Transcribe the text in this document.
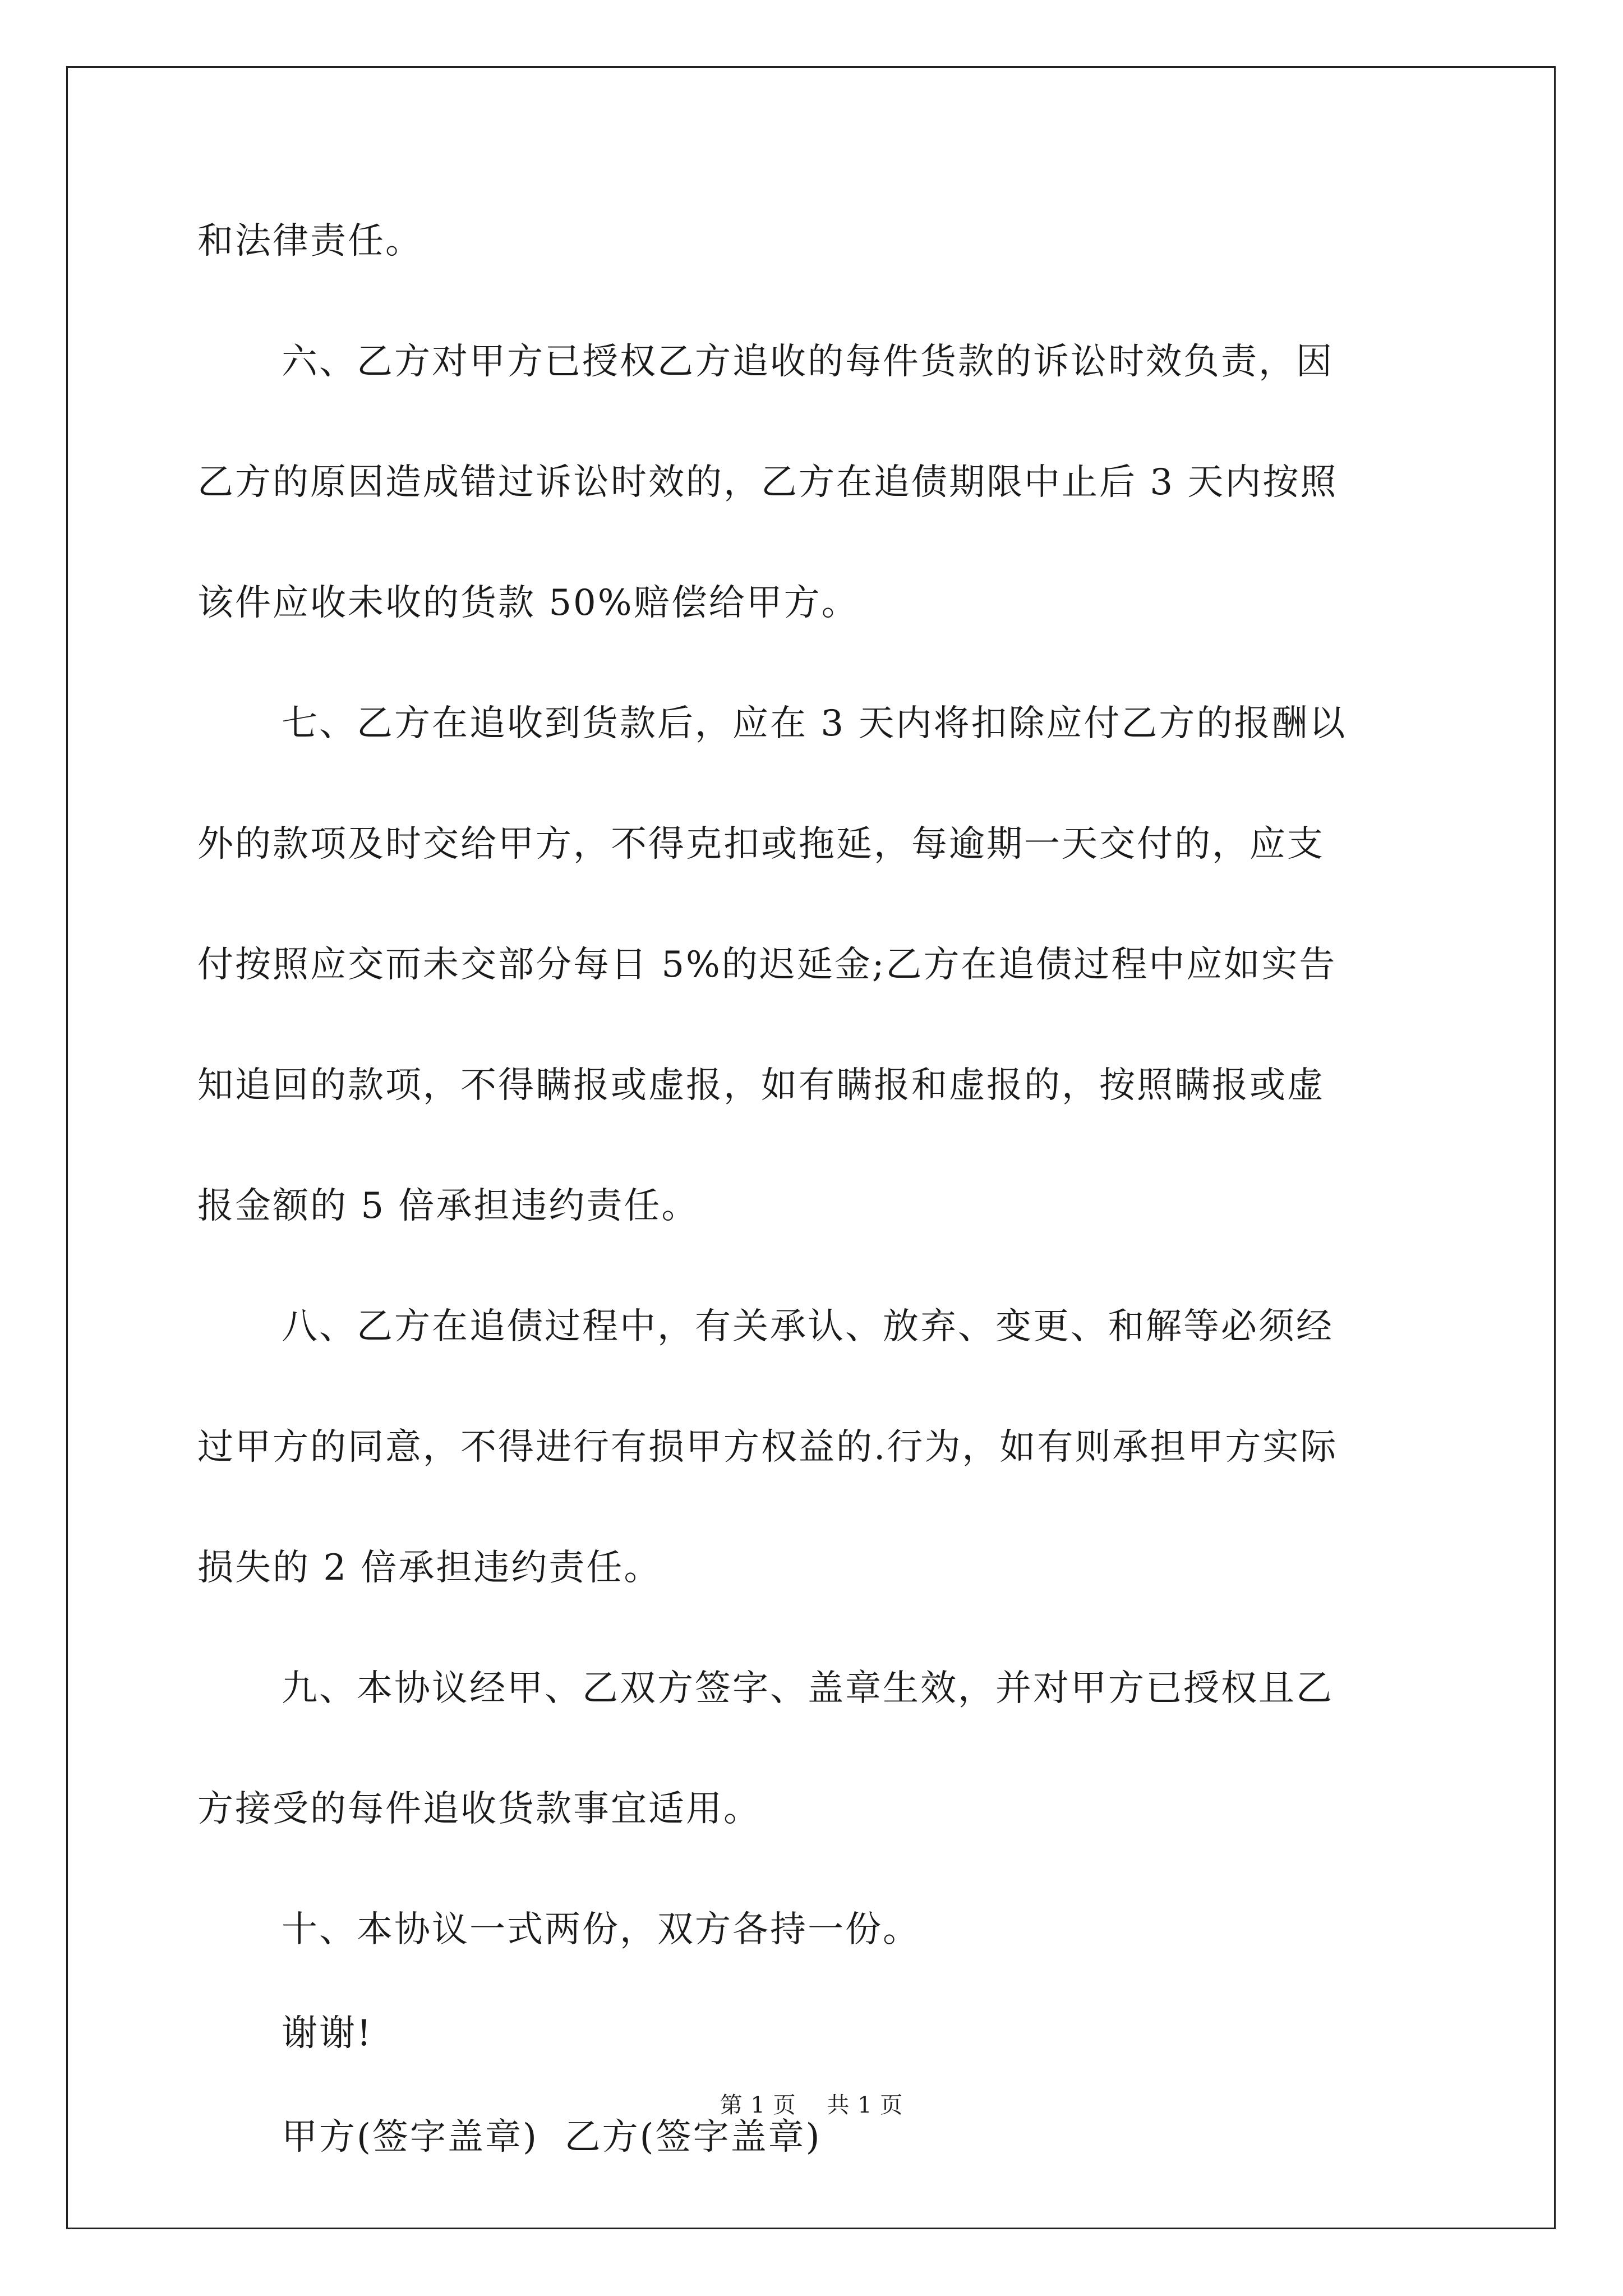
和法律责任。
六、乙方对甲方已授权乙方追收的每件货款的诉讼时效负责，因
乙方的原因造成错过诉讼时效的，乙方在追债期限中止后 3 天内按照
该件应收未收的货款 50%赔偿给甲方。
七、乙方在追收到货款后，应在 3 天内将扣除应付乙方的报酬以
外的款项及时交给甲方，不得克扣或拖延，每逾期一天交付的，应支
付按照应交而未交部分每日 5%的迟延金;乙方在追债过程中应如实告
知追回的款项，不得瞒报或虚报，如有瞒报和虚报的，按照瞒报或虚
报金额的 5 倍承担违约责任。
八、乙方在追债过程中，有关承认、放弃、变更、和解等必须经
过甲方的同意，不得进行有损甲方权益的.行为，如有则承担甲方实际
损失的 2 倍承担违约责任。
九、本协议经甲、乙双方签字、盖章生效，并对甲方已授权且乙
方接受的每件追收货款事宜适用。
十、本协议一式两份，双方各持一份。
谢谢!
甲方(签字盖章)  乙方(签字盖章)
第 1 页    共 1 页
